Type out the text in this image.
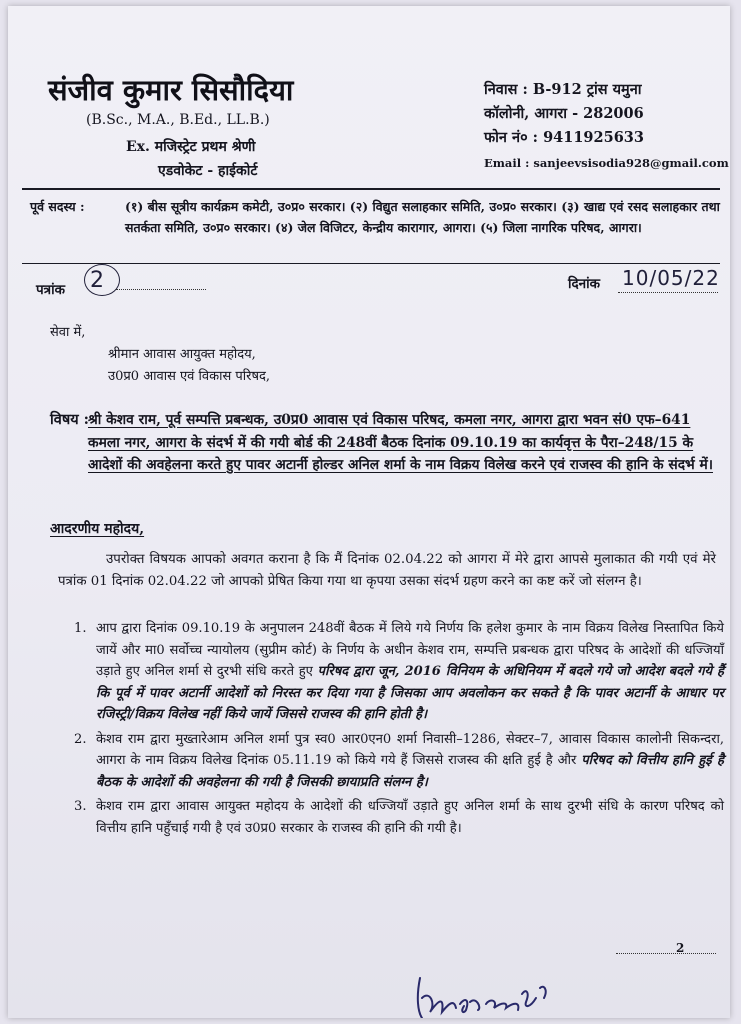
संजीव कुमार सिसौदिया
(B.Sc., M.A., B.Ed., LL.B.)
Ex. मजिस्ट्रेट प्रथम श्रेणी
एडवोकेट - हाईकोर्ट
निवास : B-912 ट्रांस यमुना
कॉलोनी, आगरा - 282006
फोन नं० : 9411925633
Email : sanjeevsisodia928@gmail.com
पूर्व सदस्य :	(१) बीस सूत्रीय कार्यक्रम कमेटी, उ०प्र० सरकार। (२) विद्युत सलाहकार समिति, उ०प्र० सरकार। (३) खाद्य एवं रसद सलाहकार तथा सतर्कता समिति, उ०प्र० सरकार। (४) जेल विजिटर, केन्द्रीय कारागार, आगरा। (५) जिला नागरिक परिषद, आगरा।
पत्रांक 2	दिनांक 10/05/22
सेवा में,
श्रीमान आवास आयुक्त महोदय,
उ0प्र0 आवास एवं विकास परिषद,
विषय :
श्री केशव राम, पूर्व सम्पत्ति प्रबन्धक, उ0प्र0 आवास एवं विकास परिषद, कमला नगर, आगरा द्वारा भवन सं0 एफ–641 कमला नगर, आगरा के संदर्भ में की गयी बोर्ड की 248वीं बैठक दिनांक 09.10.19 का कार्यवृत्त के पैरा–248/15 के आदेशों की अवहेलना करते हुए पावर अटार्नी होल्डर अनिल शर्मा के नाम विक्रय विलेख करने एवं राजस्व की हानि के संदर्भ में।
आदरणीय महोदय,
उपरोक्त विषयक आपको अवगत कराना है कि मैं दिनांक 02.04.22 को आगरा में मेरे द्वारा आपसे मुलाकात की गयी एवं मेरे पत्रांक 01 दिनांक 02.04.22 जो आपको प्रेषित किया गया था कृपया उसका संदर्भ ग्रहण करने का कष्ट करें जो संलग्न है।
1. आप द्वारा दिनांक 09.10.19 के अनुपालन 248वीं बैठक में लिये गये निर्णय कि हलेश कुमार के नाम विक्रय विलेख निस्तापित किये जायें और मा0 सर्वोच्च न्यायोलय (सुप्रीम कोर्ट) के निर्णय के अधीन केशव राम, सम्पत्ति प्रबन्धक द्वारा परिषद के आदेशों की धज्जियाँ उड़ाते हुए अनिल शर्मा से दुरभी संधि करते हुए परिषद द्वारा जून, 2016 विनियम के अधिनियम में बदले गये जो आदेश बदले गये हैं कि पूर्व में पावर अटार्नी आदेशों को निरस्त कर दिया गया है जिसका आप अवलोकन कर सकते है कि पावर अटार्नी के आधार पर रजिस्ट्री/विक्रय विलेख नहीं किये जायें जिससे राजस्व की हानि होती है।
2. केशव राम द्वारा मुख्तारेआम अनिल शर्मा पुत्र स्व0 आर0एन0 शर्मा निवासी–1286, सेक्टर–7, आवास विकास कालोनी सिकन्दरा, आगरा के नाम विक्रय विलेख दिनांक 05.11.19 को किये गये हैं जिससे राजस्व की क्षति हुई है और परिषद को वित्तीय हानि हुई है बैठक के आदेशों की अवहेलना की गयी है जिसकी छायाप्रति संलग्न है।
3. केशव राम द्वारा आवास आयुक्त महोदय के आदेशों की धज्जियाँ उड़ाते हुए अनिल शर्मा के साथ दुरभी संधि के कारण परिषद को वित्तीय हानि पहुँचाई गयी है एवं उ0प्र0 सरकार के राजस्व की हानि की गयी है।
2
